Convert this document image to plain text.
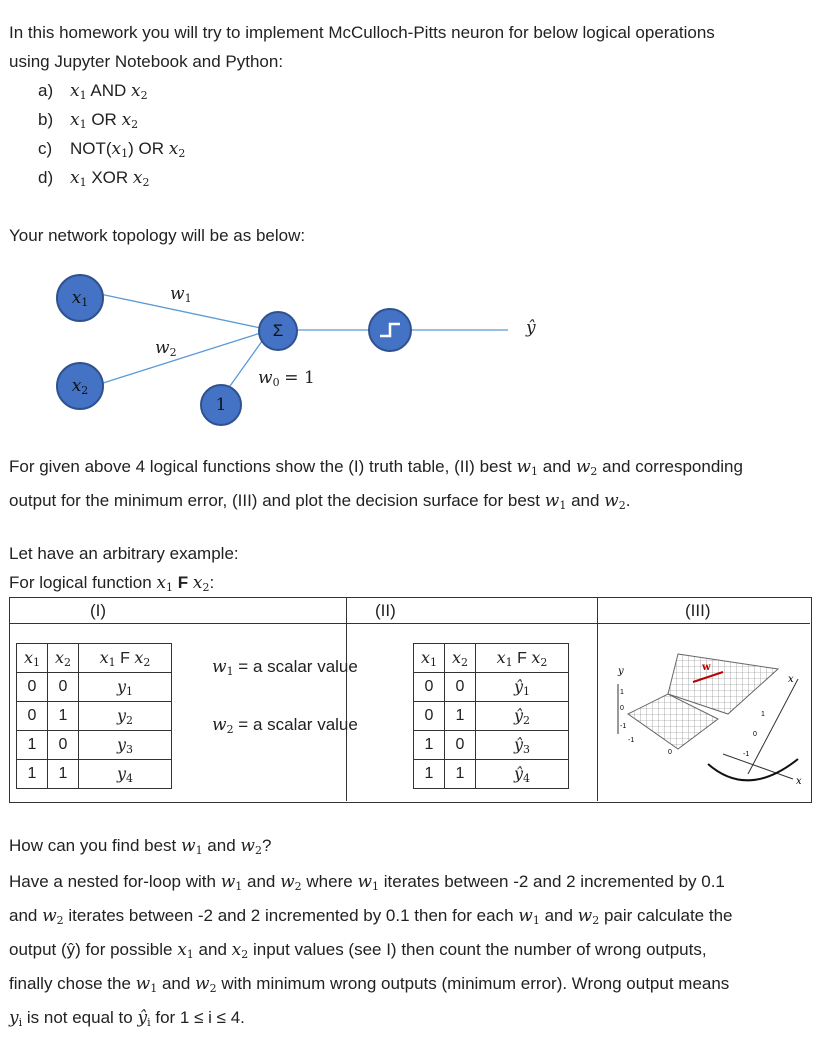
In this homework you will try to implement McCulloch-Pitts neuron for below logical operations
using Jupyter Notebook and Python:
a) $x_1$ AND $x_2$
b) $x_1$ OR $x_2$
c) $NOT(x_1)$ OR $x_2$
d) $x_1$ XOR $x_2$
Your network topology will be as below:
$x_1$
$x_2$
1
Σ
$w_1$
$w_2$
$w_0 = 1$
ŷ
For given above 4 logical functions show the (I) truth table, (II) best $w_1$ and $w_2$ and corresponding
output for the minimum error, (III) and plot the decision surface for best $w_1$ and $w_2$.
Let have an arbitrary example:
For logical function $x_1$ F $x_2$:
(I)	(II)	(III)
$x_1$	$x_2$	$x_1$ F $x_2$
0	0	$y_1$
0	1	$y_2$
1	0	$y_3$
1	1	$y_4$
$w_1 = a$ scalar value
$w_2 = a$ scalar value
$x_1$	$x_2$	$x_1$ F $x_2$
0	0	$ŷ_1$
0	1	$ŷ_2$
1	0	$ŷ_3$
1	1	$ŷ_4$
y	w
x
x
1
0
-1
-1
0
1
0
-1
How can you find best $w_1$ and $w_2$?
Have a nested for-loop with $w_1$ and $w_2$ where $w_1$ iterates between -2 and 2 incremented by 0.1
and $w_2$ iterates between -2 and 2 incremented by 0.1 then for each $w_1$ and $w_2$ pair calculate the
output (ŷ) for possible $x_1$ and $x_2$ input values (see I) then count the number of wrong outputs,
finally chose the $w_1$ and $w_2$ with minimum wrong outputs (minimum error). Wrong output means
$y_i$ is not equal to $ŷ_i$ for 1 ≤ i ≤ 4.
